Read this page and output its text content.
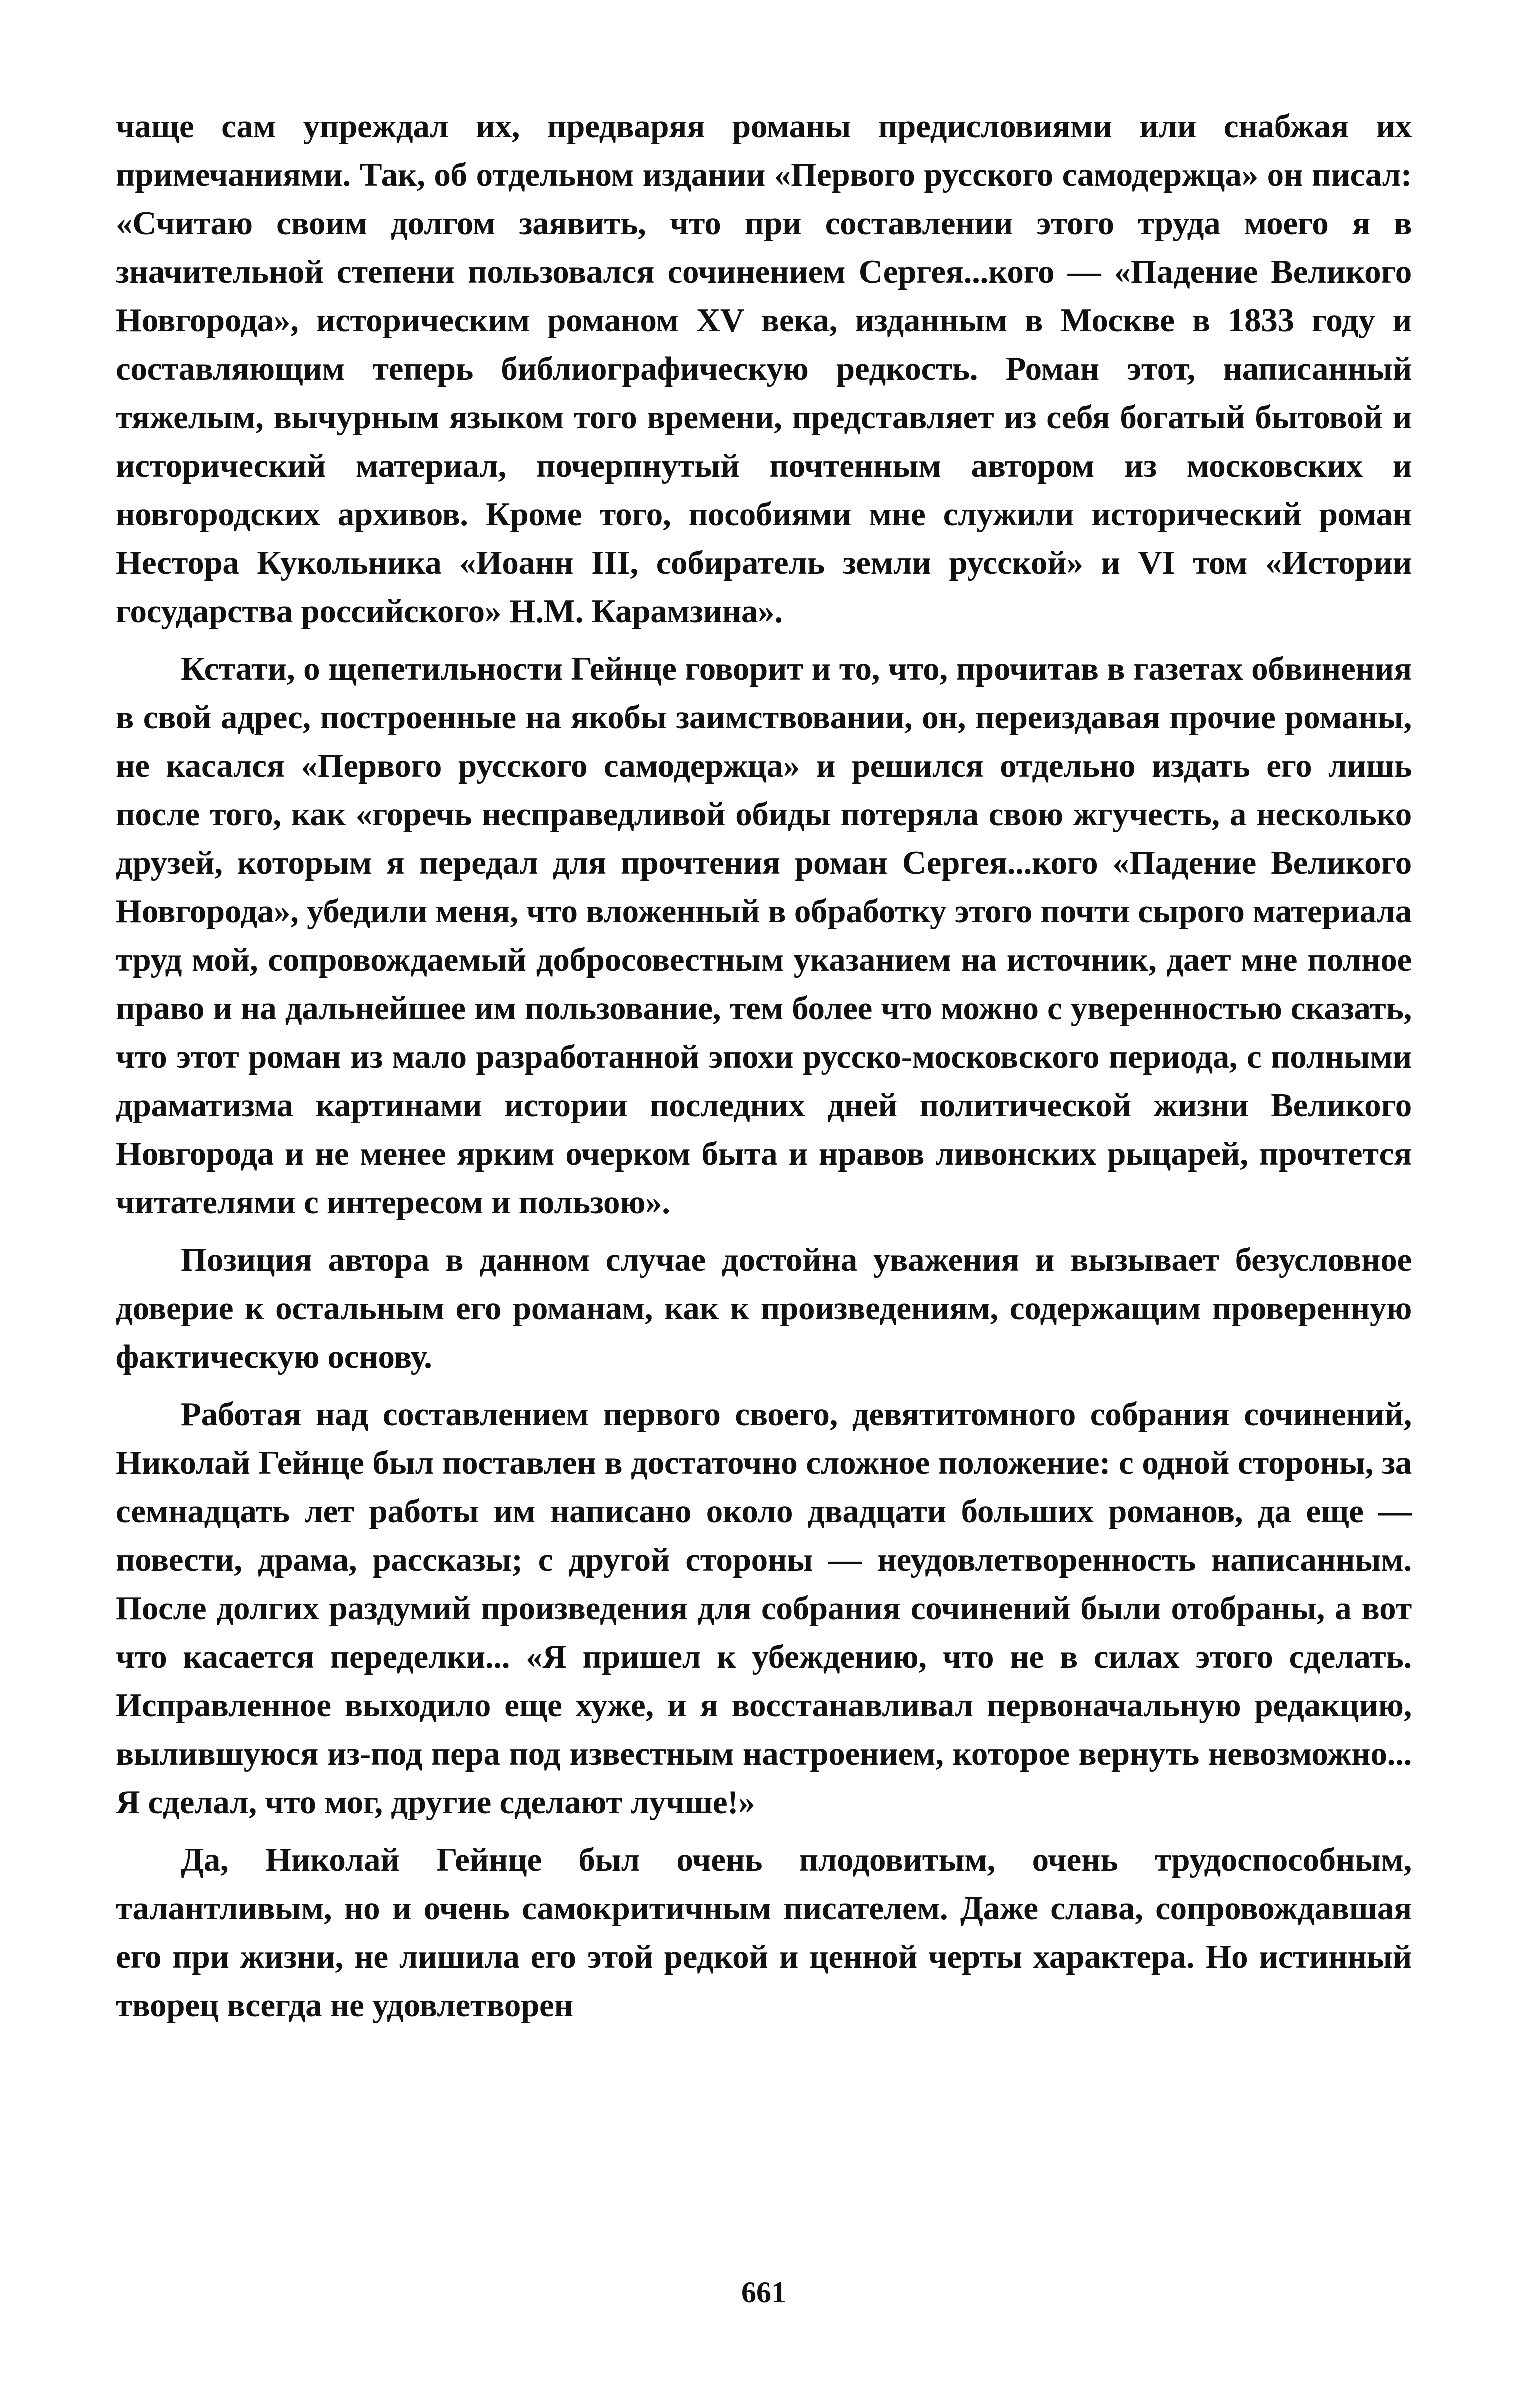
чаще сам упреждал их, предваряя романы предисловиями или снабжая их примечаниями. Так, об отдельном издании «Первого русского самодержца» он писал: «Считаю своим долгом заявить, что при составлении этого труда моего я в значительной степени пользовался сочинением Сергея...кого — «Падение Великого Новгорода», историческим романом XV века, изданным в Москве в 1833 году и составляющим теперь библиографическую редкость. Роман этот, написанный тяжелым, вычурным языком того времени, представляет из себя богатый бытовой и исторический материал, почерпнутый почтенным автором из московских и новгородских архивов. Кроме того, пособиями мне служили исторический роман Нестора Кукольника «Иоанн III, собиратель земли русской» и VI том «Истории государства российского» Н.М. Карамзина».

Кстати, о щепетильности Гейнце говорит и то, что, прочитав в газетах обвинения в свой адрес, построенные на якобы заимствовании, он, переиздавая прочие романы, не касался «Первого русского самодержца» и решился отдельно издать его лишь после того, как «горечь несправедливой обиды потеряла свою жгучесть, а несколько друзей, которым я передал для прочтения роман Сергея...кого «Падение Великого Новгорода», убедили меня, что вложенный в обработку этого почти сырого материала труд мой, сопровождаемый добросовестным указанием на источник, дает мне полное право и на дальнейшее им пользование, тем более что можно с уверенностью сказать, что этот роман из мало разработанной эпохи русско-московского периода, с полными драматизма картинами истории последних дней политической жизни Великого Новгорода и не менее ярким очерком быта и нравов ливонских рыцарей, прочтется читателями с интересом и пользою».

Позиция автора в данном случае достойна уважения и вызывает безусловное доверие к остальным его романам, как к произведениям, содержащим проверенную фактическую основу.

Работая над составлением первого своего, девятитомного собрания сочинений, Николай Гейнце был поставлен в достаточно сложное положение: с одной стороны, за семнадцать лет работы им написано около двадцати больших романов, да еще — повести, драма, рассказы; с другой стороны — неудовлетворенность написанным. После долгих раздумий произведения для собрания сочинений были отобраны, а вот что касается переделки... «Я пришел к убеждению, что не в силах этого сделать. Исправленное выходило еще хуже, и я восстанавливал первоначальную редакцию, вылившуюся из-под пера под известным настроением, которое вернуть невозможно... Я сделал, что мог, другие сделают лучше!»

Да, Николай Гейнце был очень плодовитым, очень трудоспособным, талантливым, но и очень самокритичным писателем. Даже слава, сопровождавшая его при жизни, не лишила его этой редкой и ценной черты характера. Но истинный творец всегда не удовлетворен

661
